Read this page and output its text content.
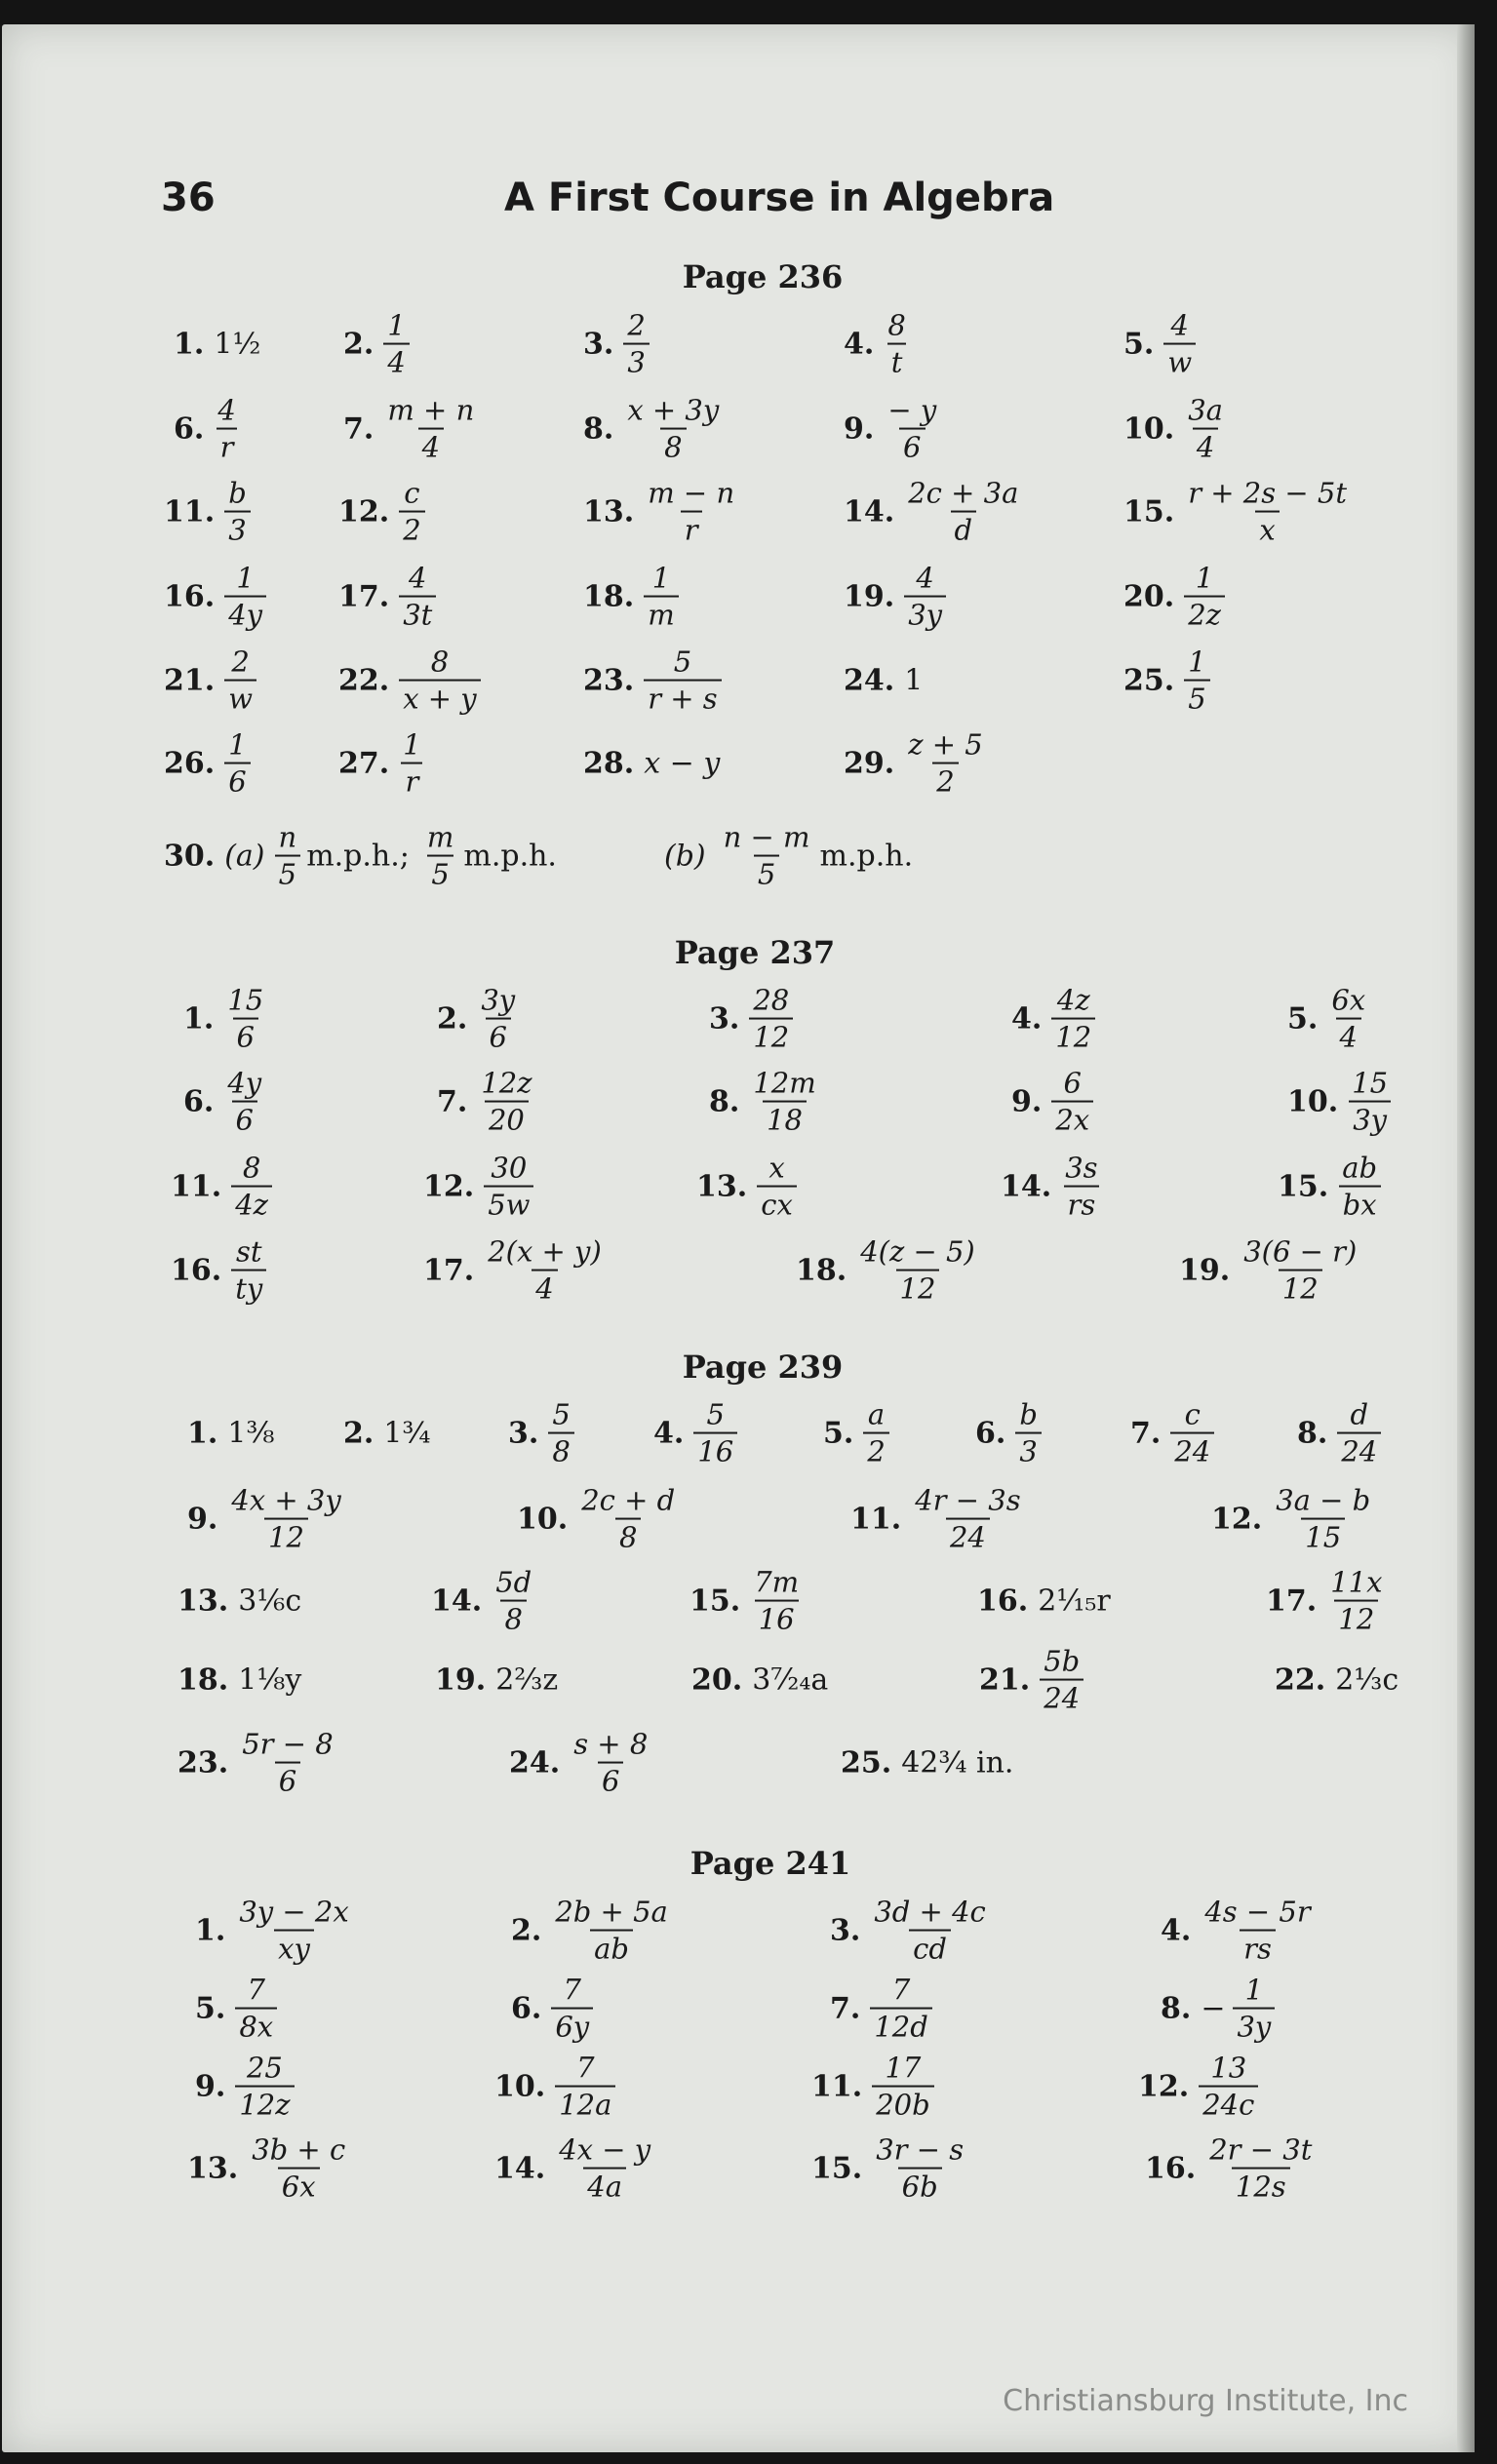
36	A First Course in Algebra
Page 236
1. 1½	2. $\frac{1}{4}$	3. $\frac{2}{3}$	4. $\frac{8}{t}$	5. $\frac{4}{w}$
6. $\frac{4}{r}$	7. $\frac{m + n}{4}$	8. $\frac{x + 3y}{8}$	9. $\frac{- y}{6}$	10. $\frac{3a}{4}$
11. $\frac{b}{3}$	12. $\frac{c}{2}$	13. $\frac{m - n}{r}$	14. $\frac{2c + 3a}{d}$	15. $\frac{r + 2s - 5t}{x}$
16. $\frac{1}{4y} 17$. $\frac{4}{3t}$	18. $\frac{1}{m}$	19. $\frac{4}{3y}$	20. $\frac{1}{2z}$
21. $\frac{2}{w}$	22. $\frac{8}{x + y}$	23. $\frac{5}{r + s}$	24. 1	25. $\frac{1}{5}$
26. $\frac{1}{6}$	27. $\frac{1}{r}$	28. x − y	29. $\frac{z + 5}{2}$
30. $(a) \frac{n}{5} m.p.h$.; $\frac{m}{5} m.p.h$.	$(b) \frac{n - m}{5} m.p.h$.
Page 237
1. $\frac{15}{6}$	2. $\frac{3y}{6}$	3. $\frac{28}{12}$	4. $\frac{4z}{12}$	5. $\frac{6x}{4}$
6. $\frac{4y}{6}$	7. $\frac{12z}{20}$	8. $\frac{12m}{18}$	9. $\frac{6}{2x}$	10. $\frac{15}{3y}$
11. $\frac{8}{4z}$	12. $\frac{30}{5w}$	13. $\frac{x}{cx}$	14. $\frac{3s}{rs}$	15. $\frac{ab}{bx}$
16. $\frac{st}{ty}$	17. $\frac{2(x + y)}{4}$	18. $\frac{4(z - 5)}{12}$	19. $\frac{3(6 - r)}{12}$
Page 239
1. 1⅜ 2. 1¾	3. $\frac{5}{8}$	4. $\frac{5}{16}$	5. $\frac{a}{2}$	6. $\frac{b}{3}$	7. $\frac{c}{24}$	8. $\frac{d}{24}$
9. $\frac{4x + 3y}{12}$	10. $\frac{2c + d}{8}$	11. $\frac{4r - 3s}{24}$	12. $\frac{3a - b}{15}$
13. 3⅙c	14. $\frac{5d}{8}$	15. $\frac{7m}{16}$	16. 2¹⁄₁₅r	17. $\frac{11x}{12}$
18. 1⅛y	19. 2⅔z	20. 3⁷⁄₂₄a	21. $\frac{5b}{24}$	22. 2⅓c
23. $\frac{5r - 8}{6}$	24. $\frac{s + 8}{6}$	25. 42¾ in.
Page 241
1. $\frac{3y - 2x}{xy}$	2. $\frac{2b + 5a}{ab}$	3. $\frac{3d + 4c}{cd}$	4. $\frac{4s - 5r}{rs}$
5. $\frac{7}{8x}$	6. $\frac{7}{6y}$	7. $\frac{7}{12d}$	8. − $\frac{1}{3y}$
9. $\frac{25}{12z}$	10. $\frac{7}{12a}$	11. $\frac{17}{20b}$	12. $\frac{13}{24c}$
13. $\frac{3b + c}{6x}$	14. $\frac{4x - y}{4a}$	15. $\frac{3r - s}{6b}$	16. $\frac{2r - 3t}{12s}$
Christiansburg Institute, Inc
